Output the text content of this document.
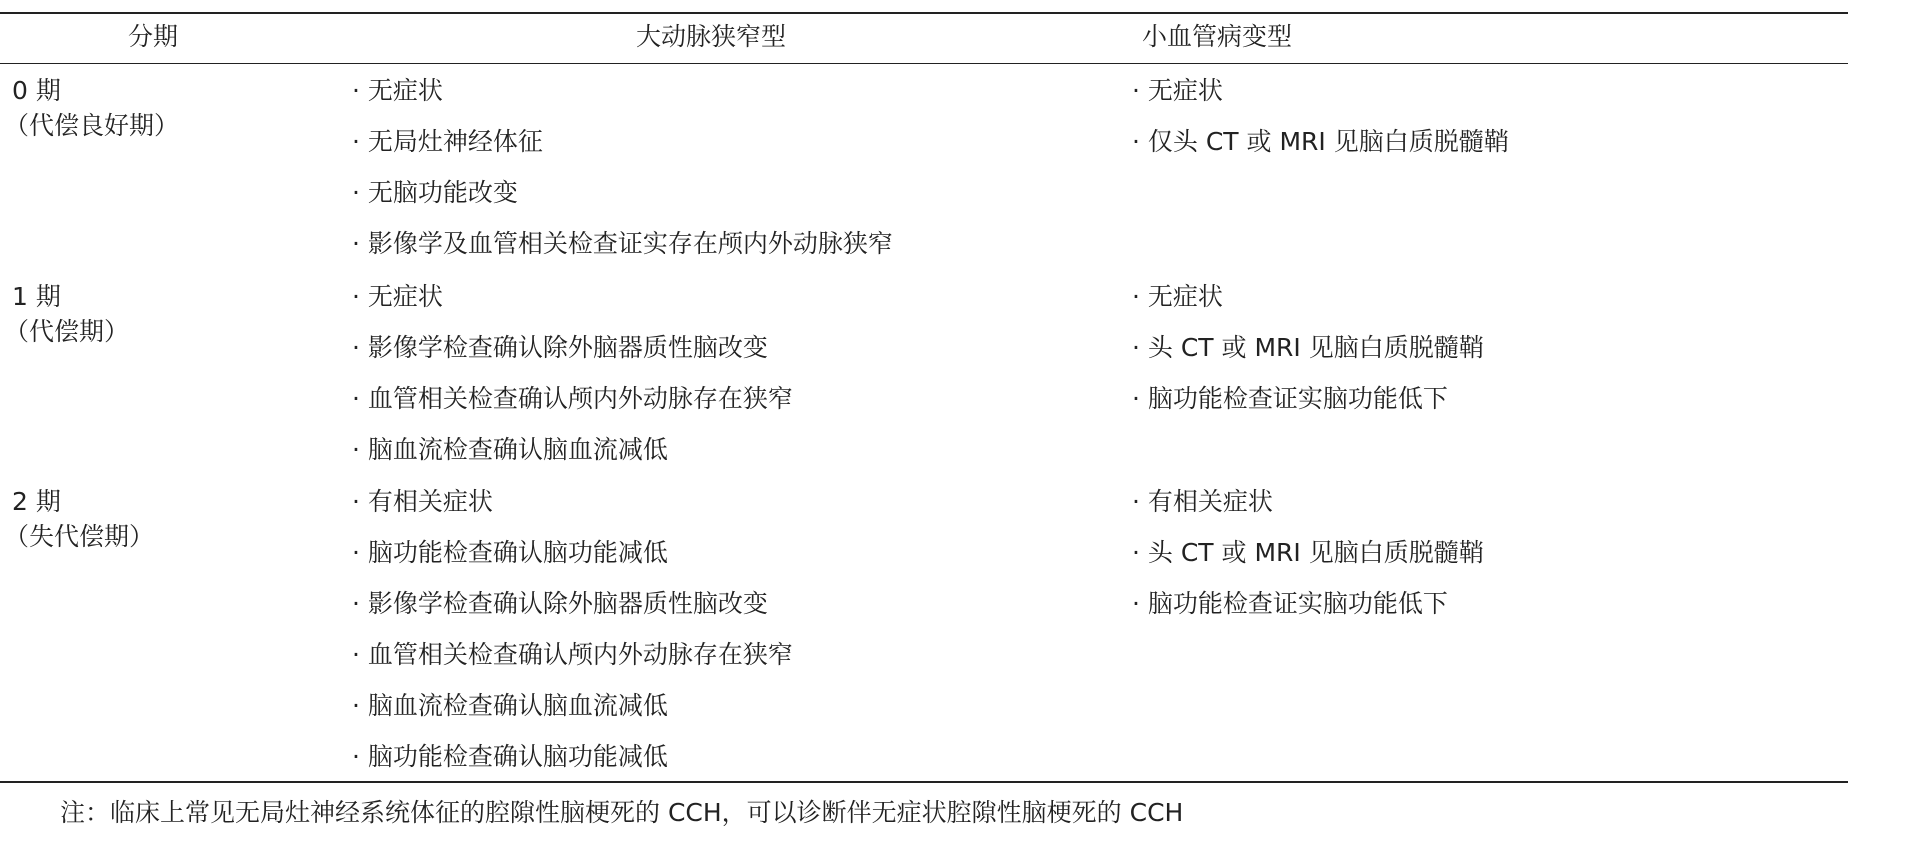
分期	大动脉狭窄型	小血管病变型
0 期
（代偿良好期）
· 无症状
· 无局灶神经体征
· 无脑功能改变
· 影像学及血管相关检查证实存在颅内外动脉狭窄
· 无症状
· 仅头 CT 或 MRI 见脑白质脱髓鞘
1 期
（代偿期）
· 无症状
· 影像学检查确认除外脑器质性脑改变
· 血管相关检查确认颅内外动脉存在狭窄
· 脑血流检查确认脑血流减低
· 无症状
· 头 CT 或 MRI 见脑白质脱髓鞘
· 脑功能检查证实脑功能低下
2 期
（失代偿期）
· 有相关症状
· 脑功能检查确认脑功能减低
· 影像学检查确认除外脑器质性脑改变
· 血管相关检查确认颅内外动脉存在狭窄
· 脑血流检查确认脑血流减低
· 脑功能检查确认脑功能减低
· 有相关症状
· 头 CT 或 MRI 见脑白质脱髓鞘
· 脑功能检查证实脑功能低下
注：临床上常见无局灶神经系统体征的腔隙性脑梗死的 CCH，可以诊断伴无症状腔隙性脑梗死的 CCH
